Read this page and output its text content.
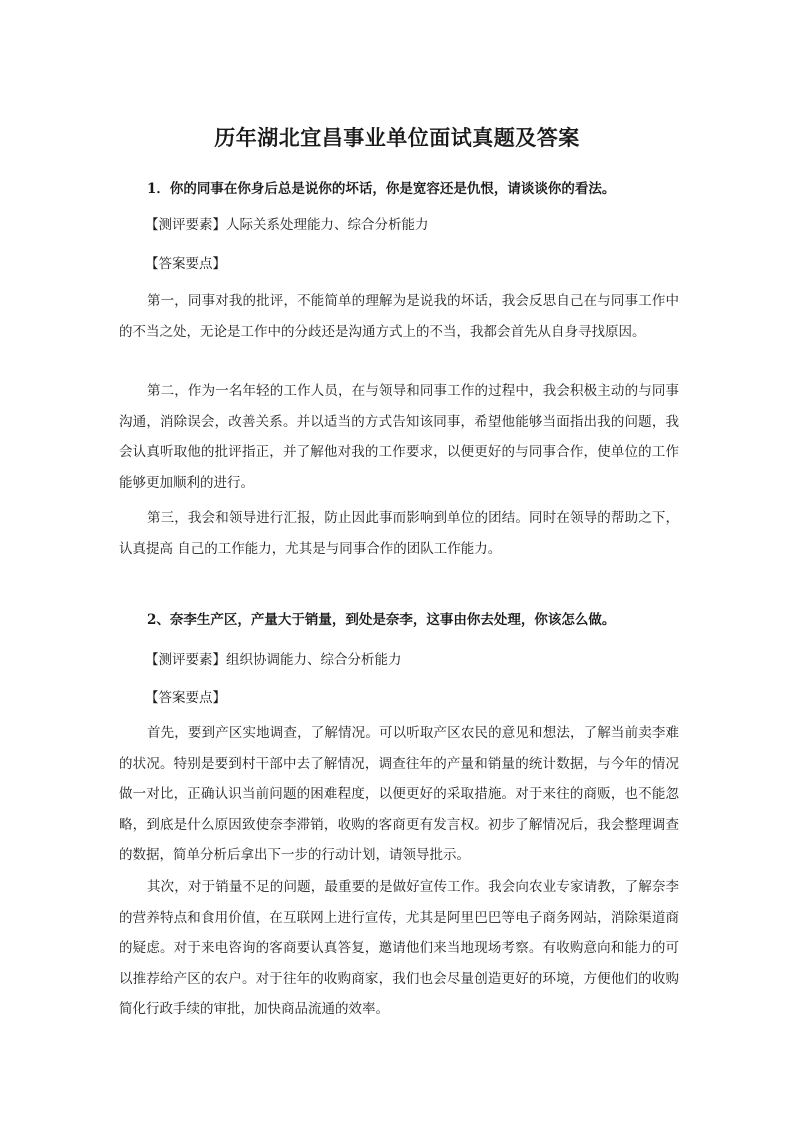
历年湖北宜昌事业单位面试真题及答案

1．你的同事在你身后总是说你的坏话，你是宽容还是仇恨，请谈谈你的看法。

【测评要素】人际关系处理能力、综合分析能力

【答案要点】

第一，同事对我的批评，不能简单的理解为是说我的坏话，我会反思自己在与同事工作中的不当之处，无论是工作中的分歧还是沟通方式上的不当，我都会首先从自身寻找原因。

第二，作为一名年轻的工作人员，在与领导和同事工作的过程中，我会积极主动的与同事沟通，消除误会，改善关系。并以适当的方式告知该同事，希望他能够当面指出我的问题，我会认真听取他的批评指正，并了解他对我的工作要求，以便更好的与同事合作，使单位的工作能够更加顺利的进行。

第三，我会和领导进行汇报，防止因此事而影响到单位的团结。同时在领导的帮助之下，认真提高 自己的工作能力，尤其是与同事合作的团队工作能力。

2、奈李生产区，产量大于销量，到处是奈李，这事由你去处理，你该怎么做。

【测评要素】组织协调能力、综合分析能力

【答案要点】

首先，要到产区实地调查，了解情况。可以听取产区农民的意见和想法，了解当前卖李难的状况。特别是要到村干部中去了解情况，调查往年的产量和销量的统计数据，与今年的情况做一对比，正确认识当前问题的困难程度，以便更好的采取措施。对于来往的商贩，也不能忽略，到底是什么原因致使奈李滞销，收购的客商更有发言权。初步了解情况后，我会整理调查的数据，简单分析后拿出下一步的行动计划，请领导批示。

其次，对于销量不足的问题，最重要的是做好宣传工作。我会向农业专家请教，了解奈李的营养特点和食用价值，在互联网上进行宣传，尤其是阿里巴巴等电子商务网站，消除渠道商的疑虑。对于来电咨询的客商要认真答复，邀请他们来当地现场考察。有收购意向和能力的可以推荐给产区的农户。对于往年的收购商家，我们也会尽量创造更好的环境，方便他们的收购简化行政手续的审批，加快商品流通的效率。
